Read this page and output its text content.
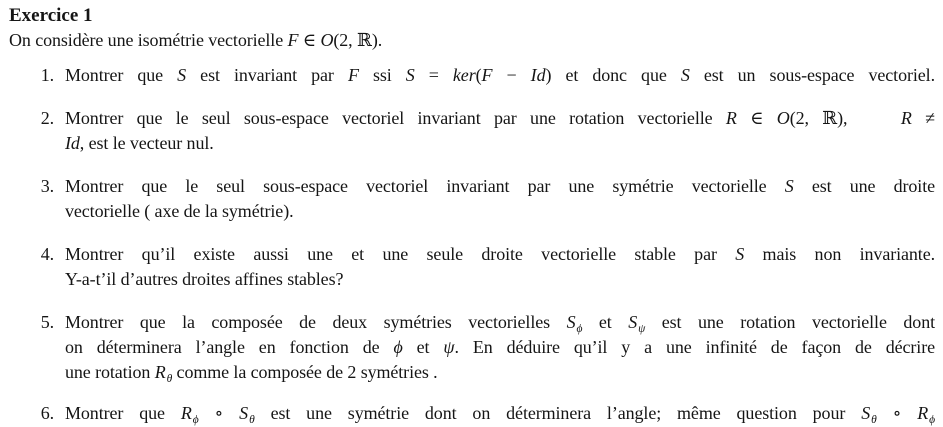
Exercice 1
On considère une isométrie vectorielle F ∈ O(2, ℝ).
1. Montrer que S est invariant par F ssi S = ker(F − Id) et donc que S est un sous-espace vectoriel.
2. Montrer que le seul sous-espace vectoriel invariant par une rotation vectorielle R ∈ O(2, ℝ),    R ≠
Id, est le vecteur nul.
3. Montrer que le seul sous-espace vectoriel invariant par une symétrie vectorielle S est une droite
vectorielle ( axe de la symétrie).
4. Montrer qu’il existe aussi une et une seule droite vectorielle stable par S mais non invariante.
Y-a-t’il d’autres droites affines stables?
5. Montrer que la composée de deux symétries vectorielles Sϕ et Sψ est une rotation vectorielle dont
on déterminera l’angle en fonction de ϕ et ψ. En déduire qu’il y a une infinité de façon de décrire
une rotation Rθ comme la composée de 2 symétries .
6. Montrer que Rϕ ∘ Sθ est une symétrie dont on déterminera l’angle; même question pour Sθ ∘ Rϕ
